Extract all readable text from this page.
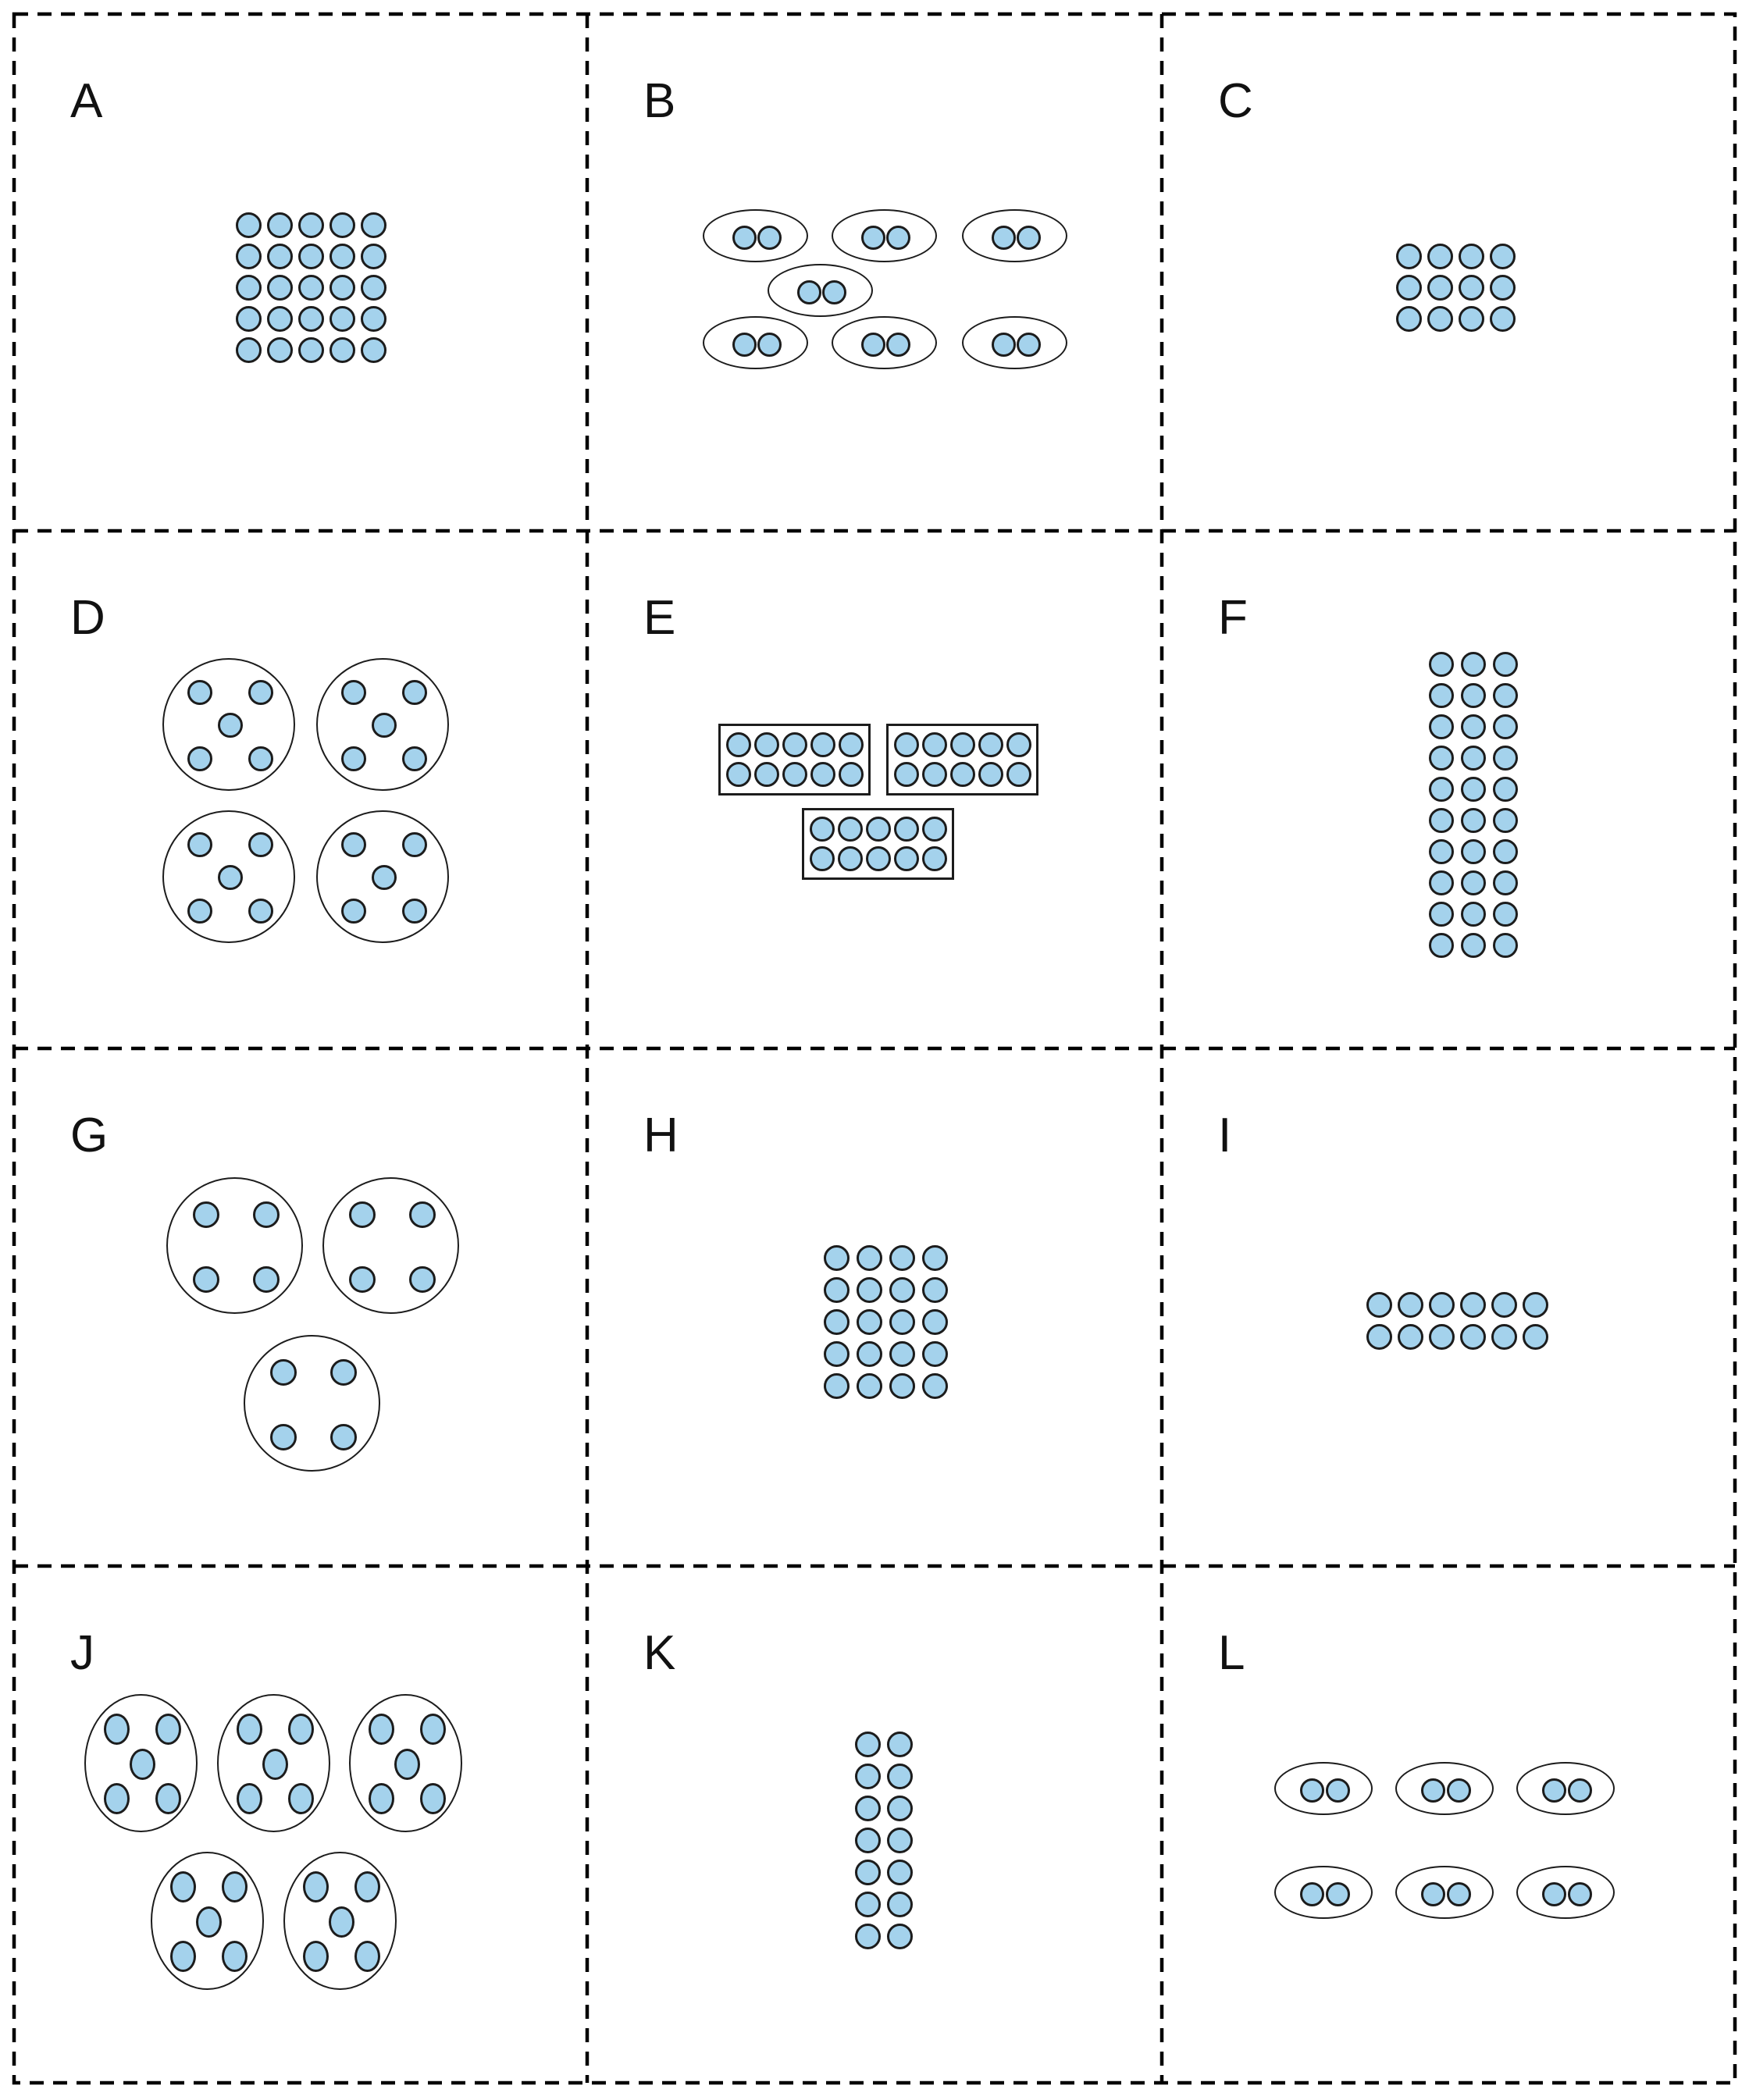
A	B	C
D	E	F
G	H	I
J	K	L
